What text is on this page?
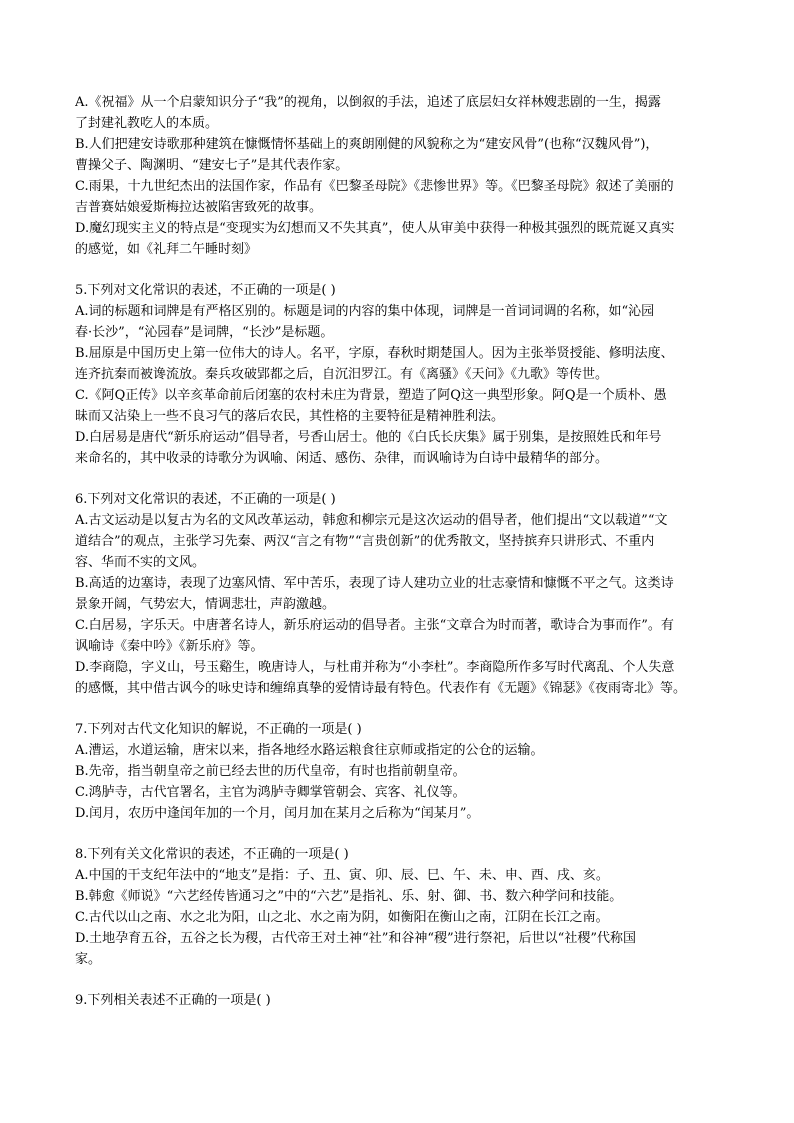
A.《祝福》从一个启蒙知识分子“我”的视角，以倒叙的手法，追述了底层妇女祥林嫂悲剧的一生，揭露
了封建礼教吃人的本质。
B.人们把建安诗歌那种建筑在慷慨情怀基础上的爽朗刚健的风貌称之为“建安风骨”(也称“汉魏风骨”)，
曹操父子、陶渊明、“建安七子”是其代表作家。
C.雨果，十九世纪杰出的法国作家，作品有《巴黎圣母院》《悲惨世界》等。《巴黎圣母院》叙述了美丽的
吉普赛姑娘爱斯梅拉达被陷害致死的故事。
D.魔幻现实主义的特点是“变现实为幻想而又不失其真”，使人从审美中获得一种极其强烈的既荒诞又真实
的感觉，如《礼拜二午睡时刻》
5.下列对文化常识的表述，不正确的一项是( )
A.词的标题和词牌是有严格区别的。标题是词的内容的集中体现，词牌是一首词词调的名称，如“沁园
春·长沙”，“沁园春”是词牌，“长沙”是标题。
B.屈原是中国历史上第一位伟大的诗人。名平，字原，春秋时期楚国人。因为主张举贤授能、修明法度、
连齐抗秦而被谗流放。秦兵攻破郢都之后，自沉汨罗江。有《离骚》《天问》《九歌》等传世。
C.《阿Q正传》以辛亥革命前后闭塞的农村未庄为背景，塑造了阿Q这一典型形象。阿Q是一个质朴、愚
昧而又沾染上一些不良习气的落后农民，其性格的主要特征是精神胜利法。
D.白居易是唐代“新乐府运动”倡导者，号香山居士。他的《白氏长庆集》属于别集，是按照姓氏和年号
来命名的，其中收录的诗歌分为讽喻、闲适、感伤、杂律，而讽喻诗为白诗中最精华的部分。
6.下列对文化常识的表述，不正确的一项是( )
A.古文运动是以复古为名的文风改革运动，韩愈和柳宗元是这次运动的倡导者，他们提出“文以载道”“文
道结合”的观点，主张学习先秦、两汉“言之有物”“言贵创新”的优秀散文，坚持摈弃只讲形式、不重内
容、华而不实的文风。
B.高适的边塞诗，表现了边塞风情、军中苦乐，表现了诗人建功立业的壮志豪情和慷慨不平之气。这类诗
景象开阔，气势宏大，情调悲壮，声韵激越。
C.白居易，字乐天。中唐著名诗人，新乐府运动的倡导者。主张“文章合为时而著，歌诗合为事而作”。有
讽喻诗《秦中吟》《新乐府》等。
D.李商隐，字义山，号玉谿生，晚唐诗人，与杜甫并称为“小李杜”。李商隐所作多写时代离乱、个人失意
的感慨，其中借古讽今的咏史诗和缠绵真挚的爱情诗最有特色。代表作有《无题》《锦瑟》《夜雨寄北》等。
7.下列对古代文化知识的解说，不正确的一项是( )
A.漕运，水道运输，唐宋以来，指各地经水路运粮食往京师或指定的公仓的运输。
B.先帝，指当朝皇帝之前已经去世的历代皇帝，有时也指前朝皇帝。
C.鸿胪寺，古代官署名，主官为鸿胪寺卿掌管朝会、宾客、礼仪等。
D.闰月，农历中逢闰年加的一个月，闰月加在某月之后称为“闰某月”。
8.下列有关文化常识的表述，不正确的一项是( )
A.中国的干支纪年法中的“地支”是指：子、丑、寅、卯、辰、巳、午、未、申、酉、戌、亥。
B.韩愈《师说》“六艺经传皆通习之”中的“六艺”是指礼、乐、射、御、书、数六种学问和技能。
C.古代以山之南、水之北为阳，山之北、水之南为阴，如衡阳在衡山之南，江阴在长江之南。
D.土地孕育五谷，五谷之长为稷，古代帝王对土神“社”和谷神“稷”进行祭祀，后世以“社稷”代称国
家。
9.下列相关表述不正确的一项是( )
